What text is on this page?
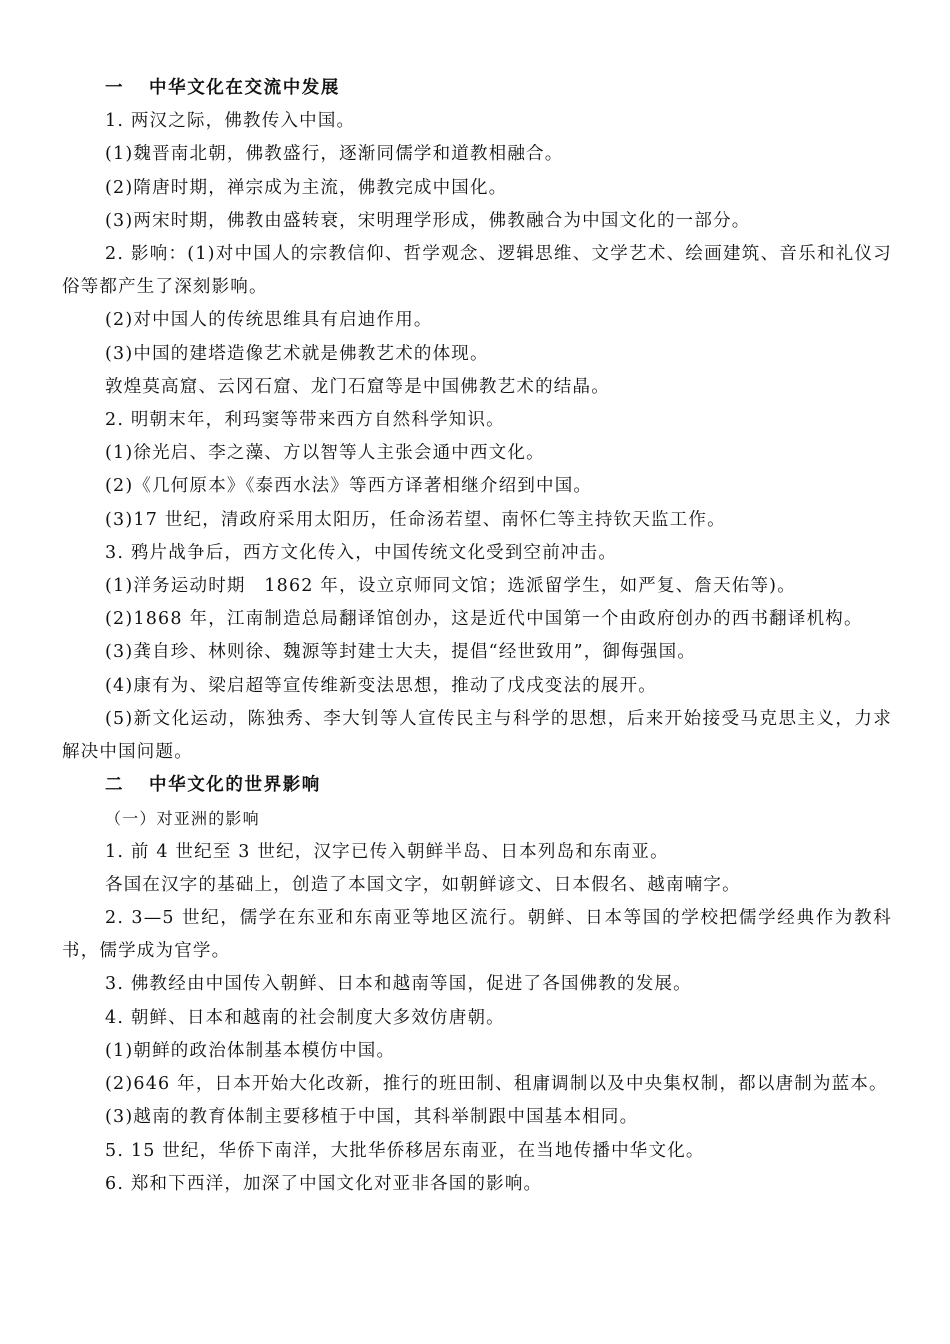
一 中华文化在交流中发展

1. 两汉之际，佛教传入中国。

(1)魏晋南北朝，佛教盛行，逐渐同儒学和道教相融合。

(2)隋唐时期，禅宗成为主流，佛教完成中国化。

(3)两宋时期，佛教由盛转衰，宋明理学形成，佛教融合为中国文化的一部分。

2. 影响：(1)对中国人的宗教信仰、哲学观念、逻辑思维、文学艺术、绘画建筑、音乐和礼仪习俗等都产生了深刻影响。

(2)对中国人的传统思维具有启迪作用。

(3)中国的建塔造像艺术就是佛教艺术的体现。

敦煌莫高窟、云冈石窟、龙门石窟等是中国佛教艺术的结晶。

2. 明朝末年，利玛窦等带来西方自然科学知识。

(1)徐光启、李之藻、方以智等人主张会通中西文化。

(2)《几何原本》《泰西水法》等西方译著相继介绍到中国。

(3)17 世纪，清政府采用太阳历，任命汤若望、南怀仁等主持钦天监工作。

3. 鸦片战争后，西方文化传入，中国传统文化受到空前冲击。

(1)洋务运动时期　1862 年，设立京师同文馆；选派留学生，如严复、詹天佑等)。

(2)1868 年，江南制造总局翻译馆创办，这是近代中国第一个由政府创办的西书翻译机构。

(3)龚自珍、林则徐、魏源等封建士大夫，提倡“经世致用”，御侮强国。

(4)康有为、梁启超等宣传维新变法思想，推动了戊戌变法的展开。

(5)新文化运动，陈独秀、李大钊等人宣传民主与科学的思想，后来开始接受马克思主义，力求解决中国问题。

二 中华文化的世界影响

（一）对亚洲的影响

1. 前 4 世纪至 3 世纪，汉字已传入朝鲜半岛、日本列岛和东南亚。

各国在汉字的基础上，创造了本国文字，如朝鲜谚文、日本假名、越南喃字。

2. 3—5 世纪，儒学在东亚和东南亚等地区流行。朝鲜、日本等国的学校把儒学经典作为教科书，儒学成为官学。

3. 佛教经由中国传入朝鲜、日本和越南等国，促进了各国佛教的发展。

4. 朝鲜、日本和越南的社会制度大多效仿唐朝。

(1)朝鲜的政治体制基本模仿中国。

(2)646 年，日本开始大化改新，推行的班田制、租庸调制以及中央集权制，都以唐制为蓝本。

(3)越南的教育体制主要移植于中国，其科举制跟中国基本相同。

5. 15 世纪，华侨下南洋，大批华侨移居东南亚，在当地传播中华文化。

6. 郑和下西洋，加深了中国文化对亚非各国的影响。
